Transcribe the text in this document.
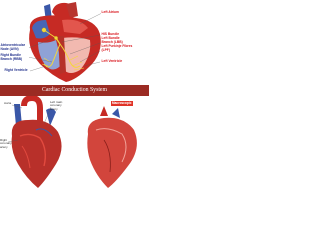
Left Atrium
HIS Bundle
Left Bundle Branch (LBB)
Left Purkinje Fibres (LPF)
Left Ventricle
Atrioventricular Node (AVN)
Right Bundle Branch (RBB)
Right Ventricle
Cardiac Conduction System
Aorta	Left main coronary artery
Right coronary artery
Macroscopic
